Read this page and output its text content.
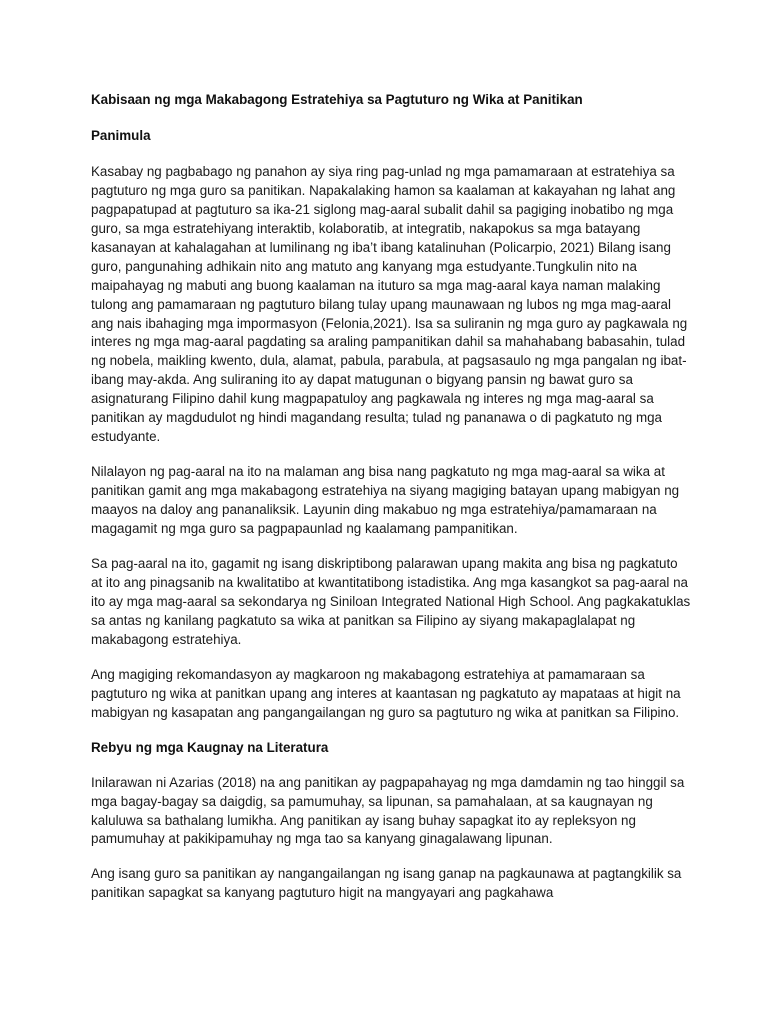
Kabisaan ng mga Makabagong Estratehiya sa Pagtuturo ng Wika at Panitikan
Panimula

Kasabay ng pagbabago ng panahon ay siya ring pag-unlad ng mga pamamaraan at estratehiya sa pagtuturo ng mga guro sa panitikan. Napakalaking hamon sa kaalaman at kakayahan ng lahat ang pagpapatupad at pagtuturo sa ika-21 siglong mag-aaral subalit dahil sa pagiging inobatibo ng mga guro, sa mga estratehiyang interaktib, kolaboratib, at integratib, nakapokus sa mga batayang kasanayan at kahalagahan at lumilinang ng iba’t ibang katalinuhan (Policarpio, 2021) Bilang isang guro, pangunahing adhikain nito ang matuto ang kanyang mga estudyante.Tungkulin nito na maipahayag ng mabuti ang buong kaalaman na ituturo sa mga mag-aaral kaya naman malaking tulong ang pamamaraan ng pagtuturo bilang tulay upang maunawaan ng lubos ng mga mag-aaral ang nais ibahaging mga impormasyon (Felonia,2021). Isa sa suliranin ng mga guro ay pagkawala ng interes ng mga mag-aaral pagdating sa araling pampanitikan dahil sa mahahabang babasahin, tulad ng nobela, maikling kwento, dula, alamat, pabula, parabula, at pagsasaulo ng mga pangalan ng ibat-ibang may-akda. Ang suliraning ito ay dapat matugunan o bigyang pansin ng bawat guro sa asignaturang Filipino dahil kung magpapatuloy ang pagkawala ng interes ng mga mag-aaral sa panitikan ay magdudulot ng hindi magandang resulta; tulad ng pananawa o di pagkatuto ng mga estudyante.

Nilalayon ng pag-aaral na ito na malaman ang bisa nang pagkatuto ng mga mag-aaral sa wika at panitikan gamit ang mga makabagong estratehiya na siyang magiging batayan upang mabigyan ng maayos na daloy ang pananaliksik. Layunin ding makabuo ng mga estratehiya/pamamaraan na magagamit ng mga guro sa pagpapaunlad ng kaalamang pampanitikan.

Sa pag-aaral na ito, gagamit ng isang diskriptibong palarawan upang makita ang bisa ng pagkatuto at ito ang pinagsanib na kwalitatibo at kwantitatibong istadistika. Ang mga kasangkot sa pag-aaral na ito ay mga mag-aaral sa sekondarya ng Siniloan Integrated National High School. Ang pagkakatuklas sa antas ng kanilang pagkatuto sa wika at panitkan sa Filipino ay siyang makapaglalapat ng makabagong estratehiya.

Ang magiging rekomandasyon ay magkaroon ng makabagong estratehiya at pamamaraan sa pagtuturo ng wika at panitkan upang ang interes at kaantasan ng pagkatuto ay mapataas at higit na mabigyan ng kasapatan ang pangangailangan ng guro sa pagtuturo ng wika at panitkan sa Filipino.

Rebyu ng mga Kaugnay na Literatura

Inilarawan ni Azarias (2018) na ang panitikan ay pagpapahayag ng mga damdamin ng tao hinggil sa mga bagay-bagay sa daigdig, sa pamumuhay, sa lipunan, sa pamahalaan, at sa kaugnayan ng kaluluwa sa bathalang lumikha. Ang panitikan ay isang buhay sapagkat ito ay repleksyon ng pamumuhay at pakikipamuhay ng mga tao sa kanyang ginagalawang lipunan.

Ang isang guro sa panitikan ay nangangailangan ng isang ganap na pagkaunawa at pagtangkilik sa panitikan sapagkat sa kanyang pagtuturo higit na mangyayari ang pagkahawa
